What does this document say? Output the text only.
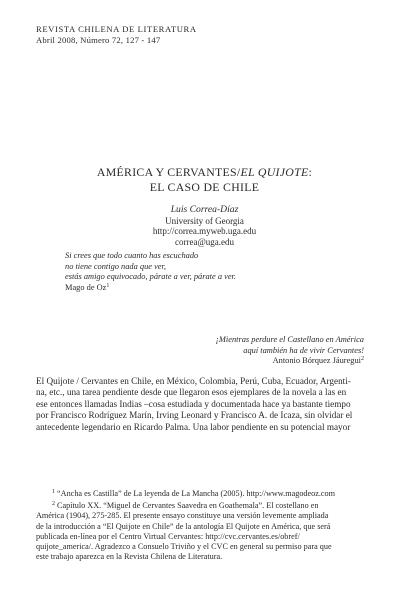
REVISTA CHILENA DE LITERATURA
Abril 2008, Número 72, 127 - 147
AMÉRICA Y CERVANTES/EL QUIJOTE:
EL CASO DE CHILE
Luis Correa-Díaz
University of Georgia
http://correa.myweb.uga.edu
correa@uga.edu
Si crees que todo cuanto has escuchado
no tiene contigo nada que ver,
estás amigo equivocado, párate a ver, párate a ver.
Mago de Oz$^1$
¡Mientras perdure el Castellano en América
aquí también ha de vivir Cervantes!
Antonio Bórquez Jáuregui$^2$
El Quijote / Cervantes en Chile, en México, Colombia, Perú, Cuba, Ecuador, Argenti-
na, etc., una tarea pendiente desde que llegaron esos ejemplares de la novela a las en
ese entonces llamadas Indias –cosa estudiada y documentada hace ya bastante tiempo
por Francisco Rodríguez Marín, Irving Leonard y Francisco A. de Icaza, sin olvidar el
antecedente legendario en Ricardo Palma. Una labor pendiente en su potencial mayor
$^1$ “Ancha es Castilla” de La leyenda de La Mancha (2005). http://www.magodeoz.com
$^2$ Capítulo XX. “Miguel de Cervantes Saavedra en Goathemala”. El costellano en
América (1904), 275-285. El presente ensayo constituye una versión levemente ampliada
de la introducción a “El Quijote en Chile” de la antología El Quijote en América, que será
publicada en-línea por el Centro Virtual Cervantes: http://cvc.cervantes.es/obref/
quijote_america/. Agradezco a Consuelo Triviño y el CVC en general su permiso para que
este trabajo aparezca en la Revista Chilena de Literatura.
